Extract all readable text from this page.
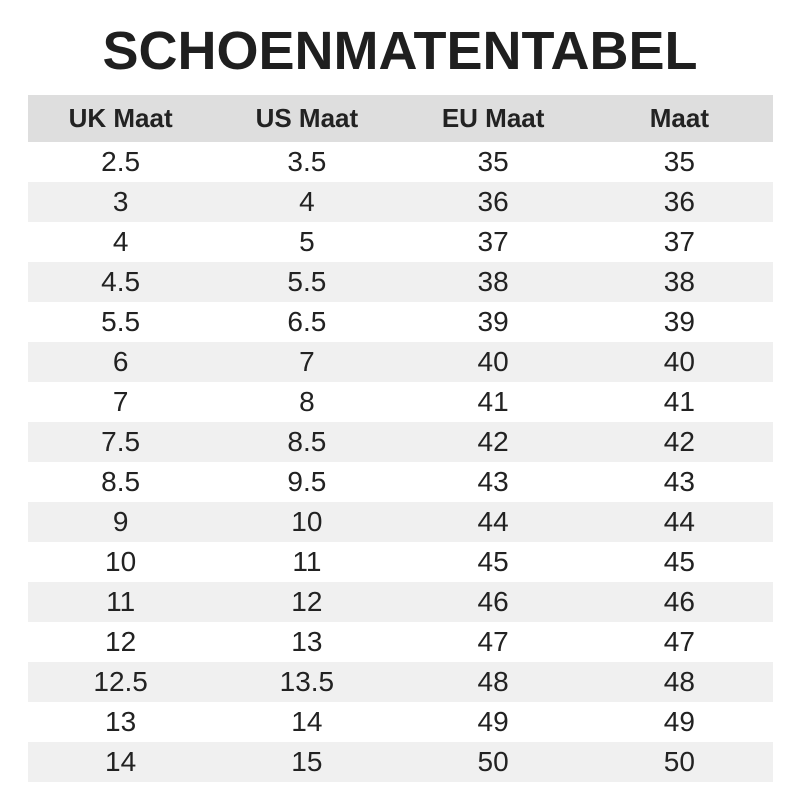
SCHOENMATENTABEL
UK Maat	US Maat	EU Maat	Maat
2.5	3.5	35	35
3	4	36	36
4	5	37	37
4.5	5.5	38	38
5.5	6.5	39	39
6	7	40	40
7	8	41	41
7.5	8.5	42	42
8.5	9.5	43	43
9	10	44	44
10	11	45	45
11	12	46	46
12	13	47	47
12.5	13.5	48	48
13	14	49	49
14	15	50	50
